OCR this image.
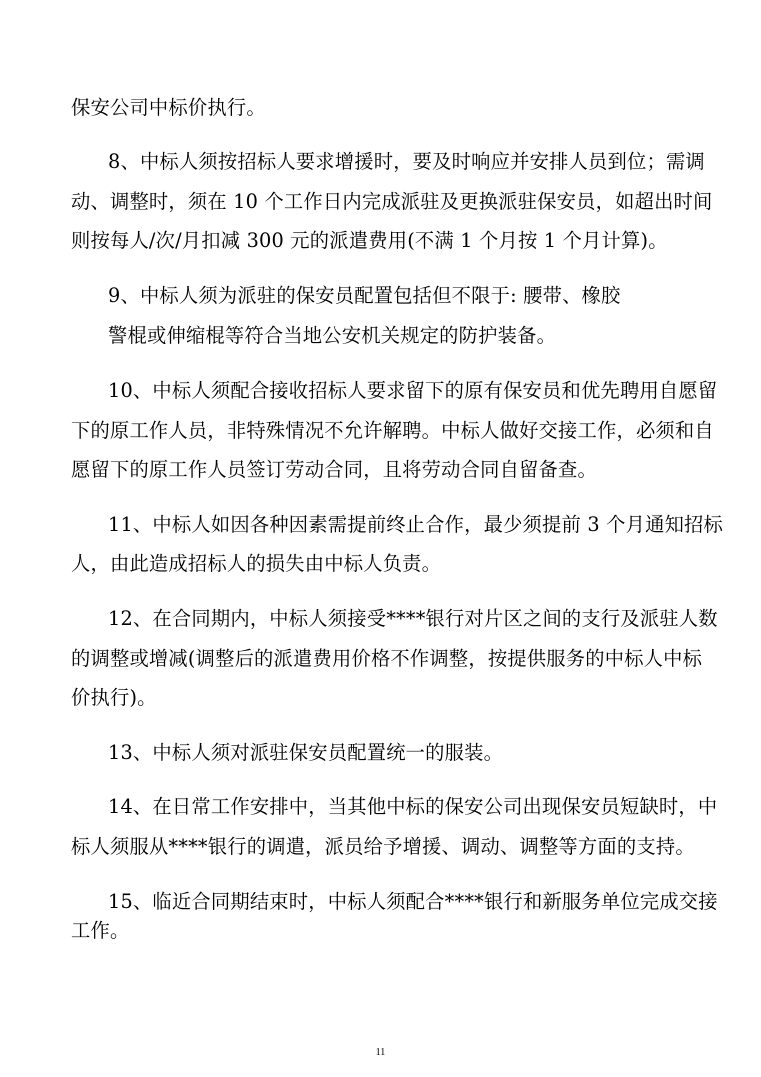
保安公司中标价执行。
8、中标人须按招标人要求增援时，要及时响应并安排人员到位；需调
动、调整时，须在 10 个工作日内完成派驻及更换派驻保安员，如超出时间
则按每人/次/月扣减 300 元的派遣费用(不满 1 个月按 1 个月计算)。
9、中标人须为派驻的保安员配置包括但不限于: 腰带、橡胶
警棍或伸缩棍等符合当地公安机关规定的防护装备。
10、中标人须配合接收招标人要求留下的原有保安员和优先聘用自愿留
下的原工作人员，非特殊情况不允许解聘。中标人做好交接工作，必须和自
愿留下的原工作人员签订劳动合同，且将劳动合同自留备查。
11、中标人如因各种因素需提前终止合作，最少须提前 3 个月通知招标
人，由此造成招标人的损失由中标人负责。
12、在合同期内，中标人须接受****银行对片区之间的支行及派驻人数
的调整或增减(调整后的派遣费用价格不作调整，按提供服务的中标人中标
价执行)。
13、中标人须对派驻保安员配置统一的服装。
14、在日常工作安排中，当其他中标的保安公司出现保安员短缺时，中
标人须服从****银行的调遣，派员给予增援、调动、调整等方面的支持。
15、临近合同期结束时，中标人须配合****银行和新服务单位完成交接
工作。
11
